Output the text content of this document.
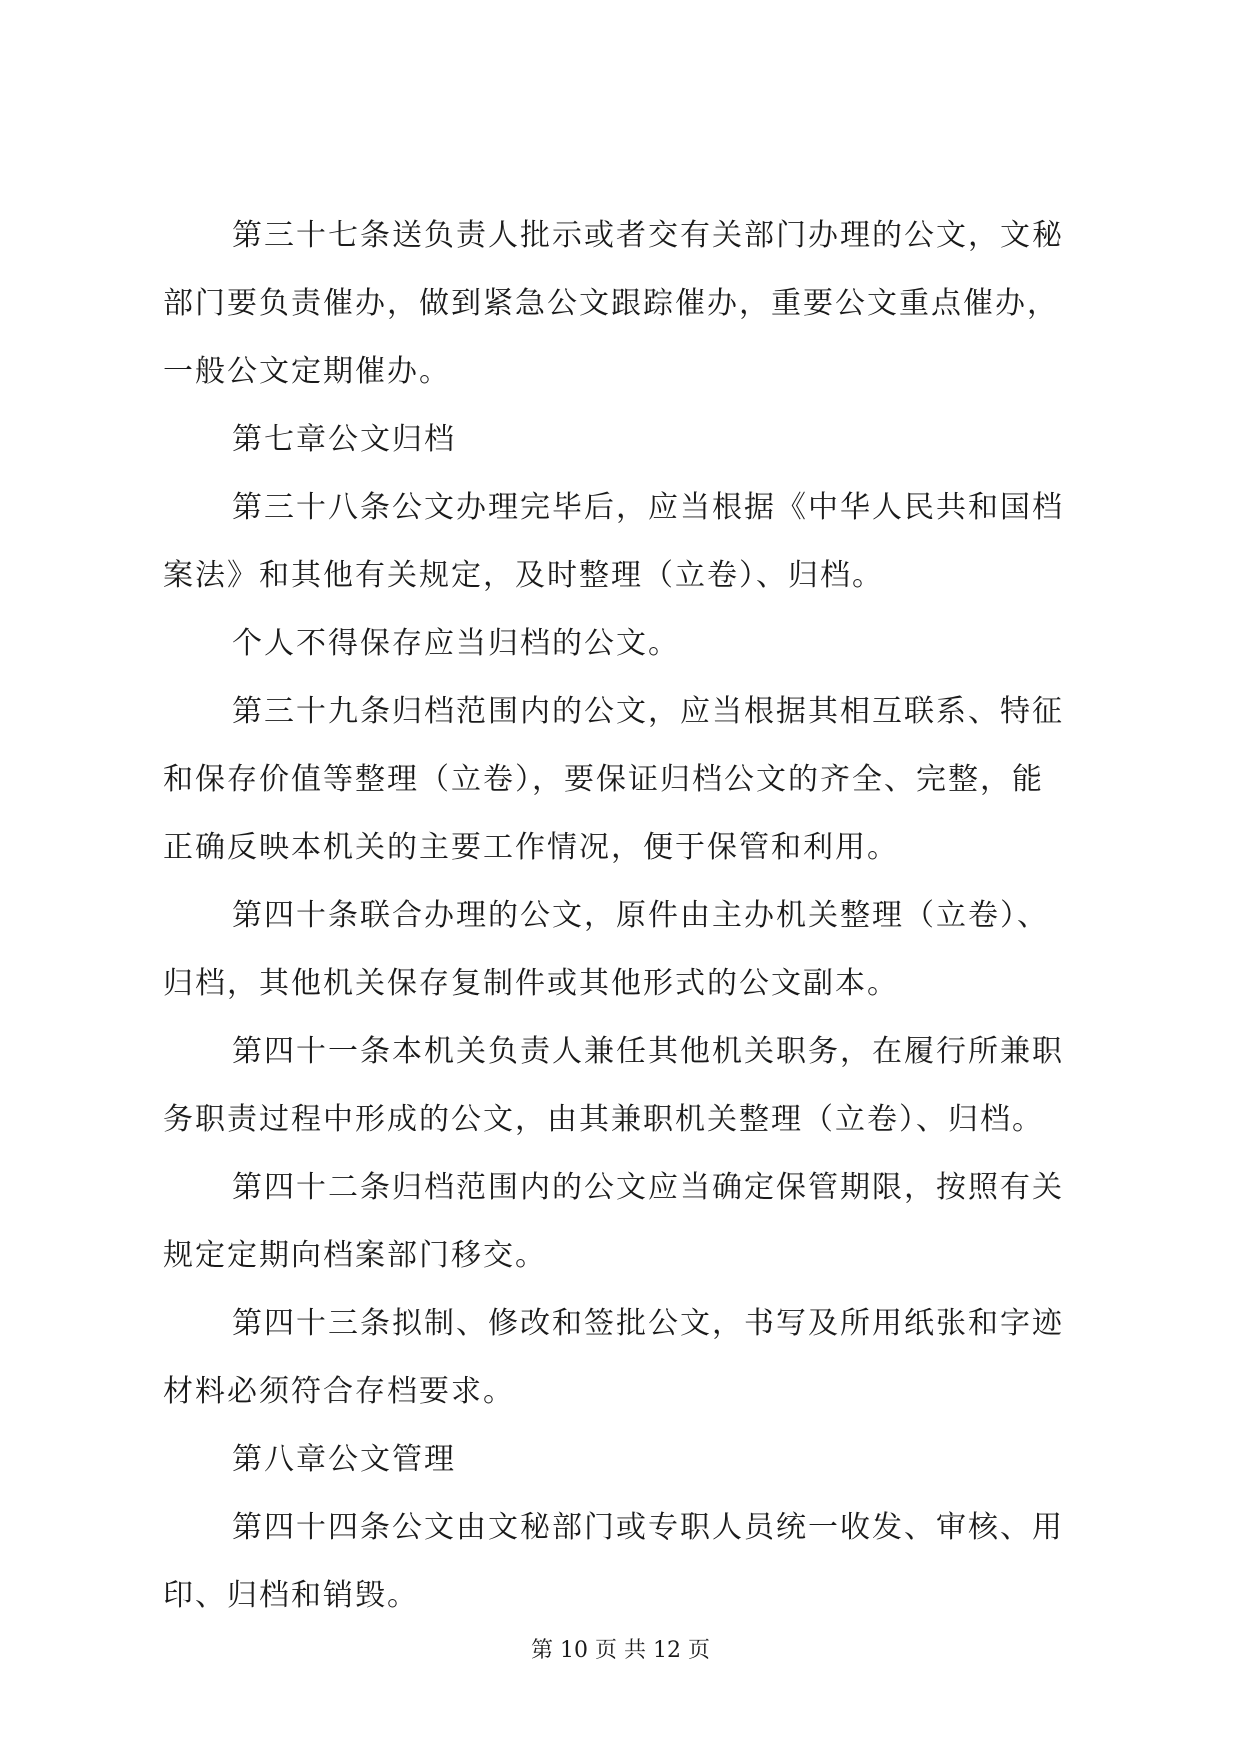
第三十七条送负责人批示或者交有关部门办理的公文，文秘
部门要负责催办，做到紧急公文跟踪催办，重要公文重点催办，
一般公文定期催办。
第七章公文归档
第三十八条公文办理完毕后，应当根据《中华人民共和国档
案法》和其他有关规定，及时整理（立卷）、归档。
个人不得保存应当归档的公文。
第三十九条归档范围内的公文，应当根据其相互联系、特征
和保存价值等整理（立卷），要保证归档公文的齐全、完整，能
正确反映本机关的主要工作情况，便于保管和利用。
第四十条联合办理的公文，原件由主办机关整理（立卷）、
归档，其他机关保存复制件或其他形式的公文副本。
第四十一条本机关负责人兼任其他机关职务，在履行所兼职
务职责过程中形成的公文，由其兼职机关整理（立卷）、归档。
第四十二条归档范围内的公文应当确定保管期限，按照有关
规定定期向档案部门移交。
第四十三条拟制、修改和签批公文，书写及所用纸张和字迹
材料必须符合存档要求。
第八章公文管理
第四十四条公文由文秘部门或专职人员统一收发、审核、用
印、归档和销毁。
第 10 页 共 12 页
